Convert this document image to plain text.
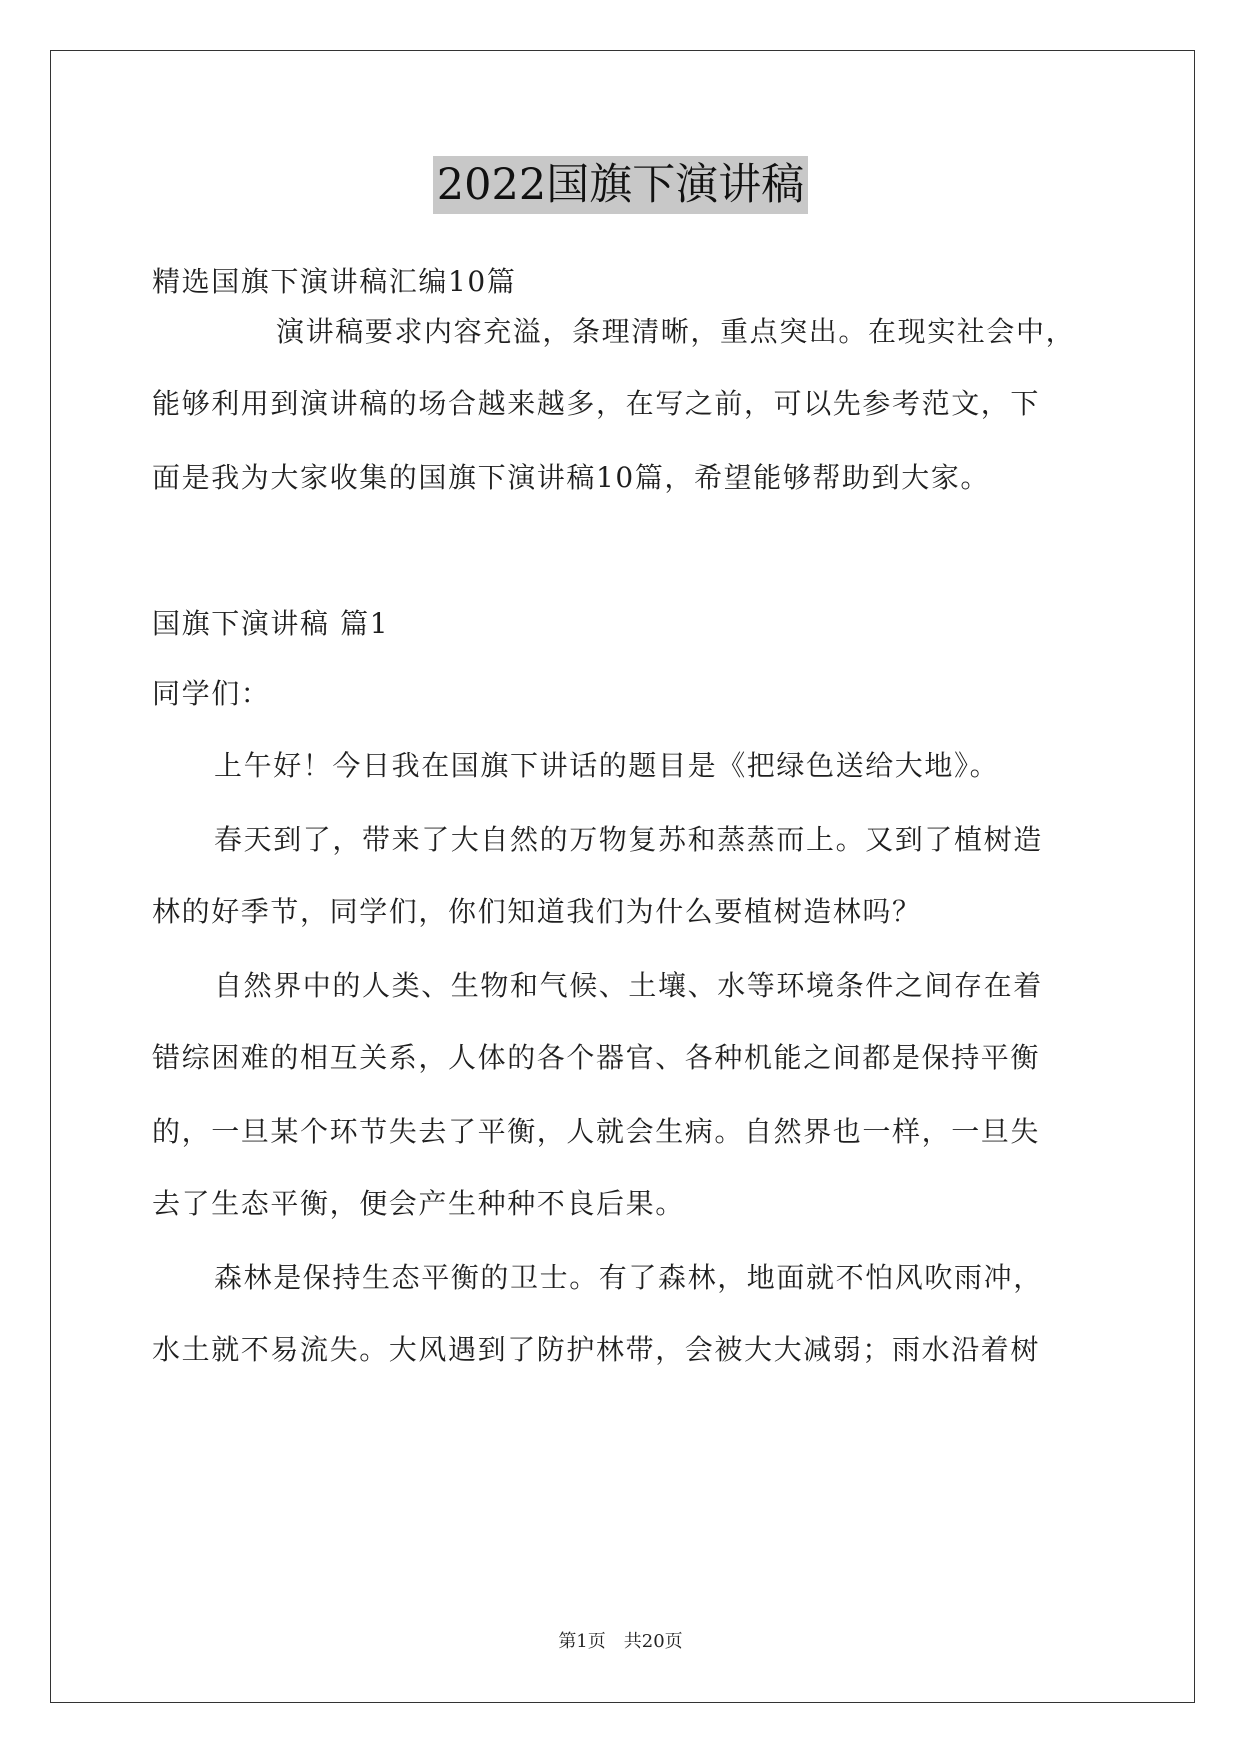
2022国旗下演讲稿
精选国旗下演讲稿汇编10篇
演讲稿要求内容充溢，条理清晰，重点突出。在现实社会中，
能够利用到演讲稿的场合越来越多，在写之前，可以先参考范文，下
面是我为大家收集的国旗下演讲稿10篇，希望能够帮助到大家。
国旗下演讲稿 篇1
同学们：
上午好！今日我在国旗下讲话的题目是《把绿色送给大地》。
春天到了，带来了大自然的万物复苏和蒸蒸而上。又到了植树造
林的好季节，同学们，你们知道我们为什么要植树造林吗？
自然界中的人类、生物和气候、土壤、水等环境条件之间存在着
错综困难的相互关系，人体的各个器官、各种机能之间都是保持平衡
的，一旦某个环节失去了平衡，人就会生病。自然界也一样，一旦失
去了生态平衡，便会产生种种不良后果。
森林是保持生态平衡的卫士。有了森林，地面就不怕风吹雨冲，
水土就不易流失。大风遇到了防护林带，会被大大减弱；雨水沿着树
第1页　共20页
